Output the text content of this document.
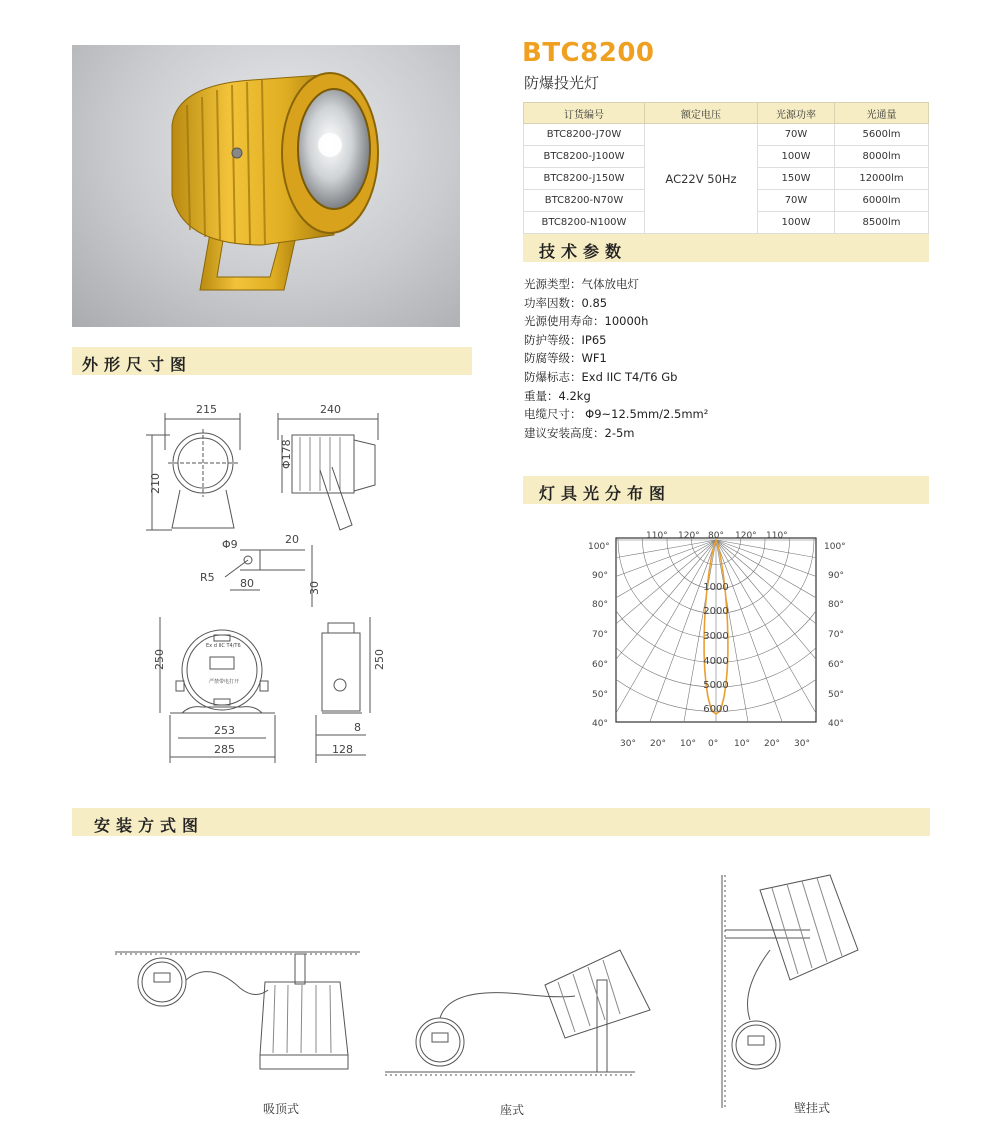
BTC8200
防爆投光灯
订货编号	额定电压	光源功率	光通量
BTC8200-J70W	AC22V 50Hz	70W	5600lm
BTC8200-J100W		100W	8000lm
BTC8200-J150W		150W	12000lm
BTC8200-N70W		70W	6000lm
BTC8200-N100W		100W	8500lm
外形尺寸图
技术参数
灯具光分布图
安装方式图
光源类型：气体放电灯
功率因数：0.85
光源使用寿命：10000h
防护等级：IP65
防腐等级：WF1
防爆标志：Exd IIC T4/T6 Gb
重量：4.2kg
电缆尺寸： Φ9~12.5mm/2.5mm²
建议安装高度：2-5m
215
210
240
Φ178
Φ9	20
R5 80	30
250
253
285
250
8
128
Ex d IIC T4/T6
严禁带电打开
110° 120° 80° 120° 110°
100°
90°
80°
70°
60°
50°
40°
100°
90°
80°
70°
60°
50°
40°
30° 20° 10° 0° 10° 20° 30°
1000
2000
3000
4000
5000
6000
吸顶式	座式	壁挂式
